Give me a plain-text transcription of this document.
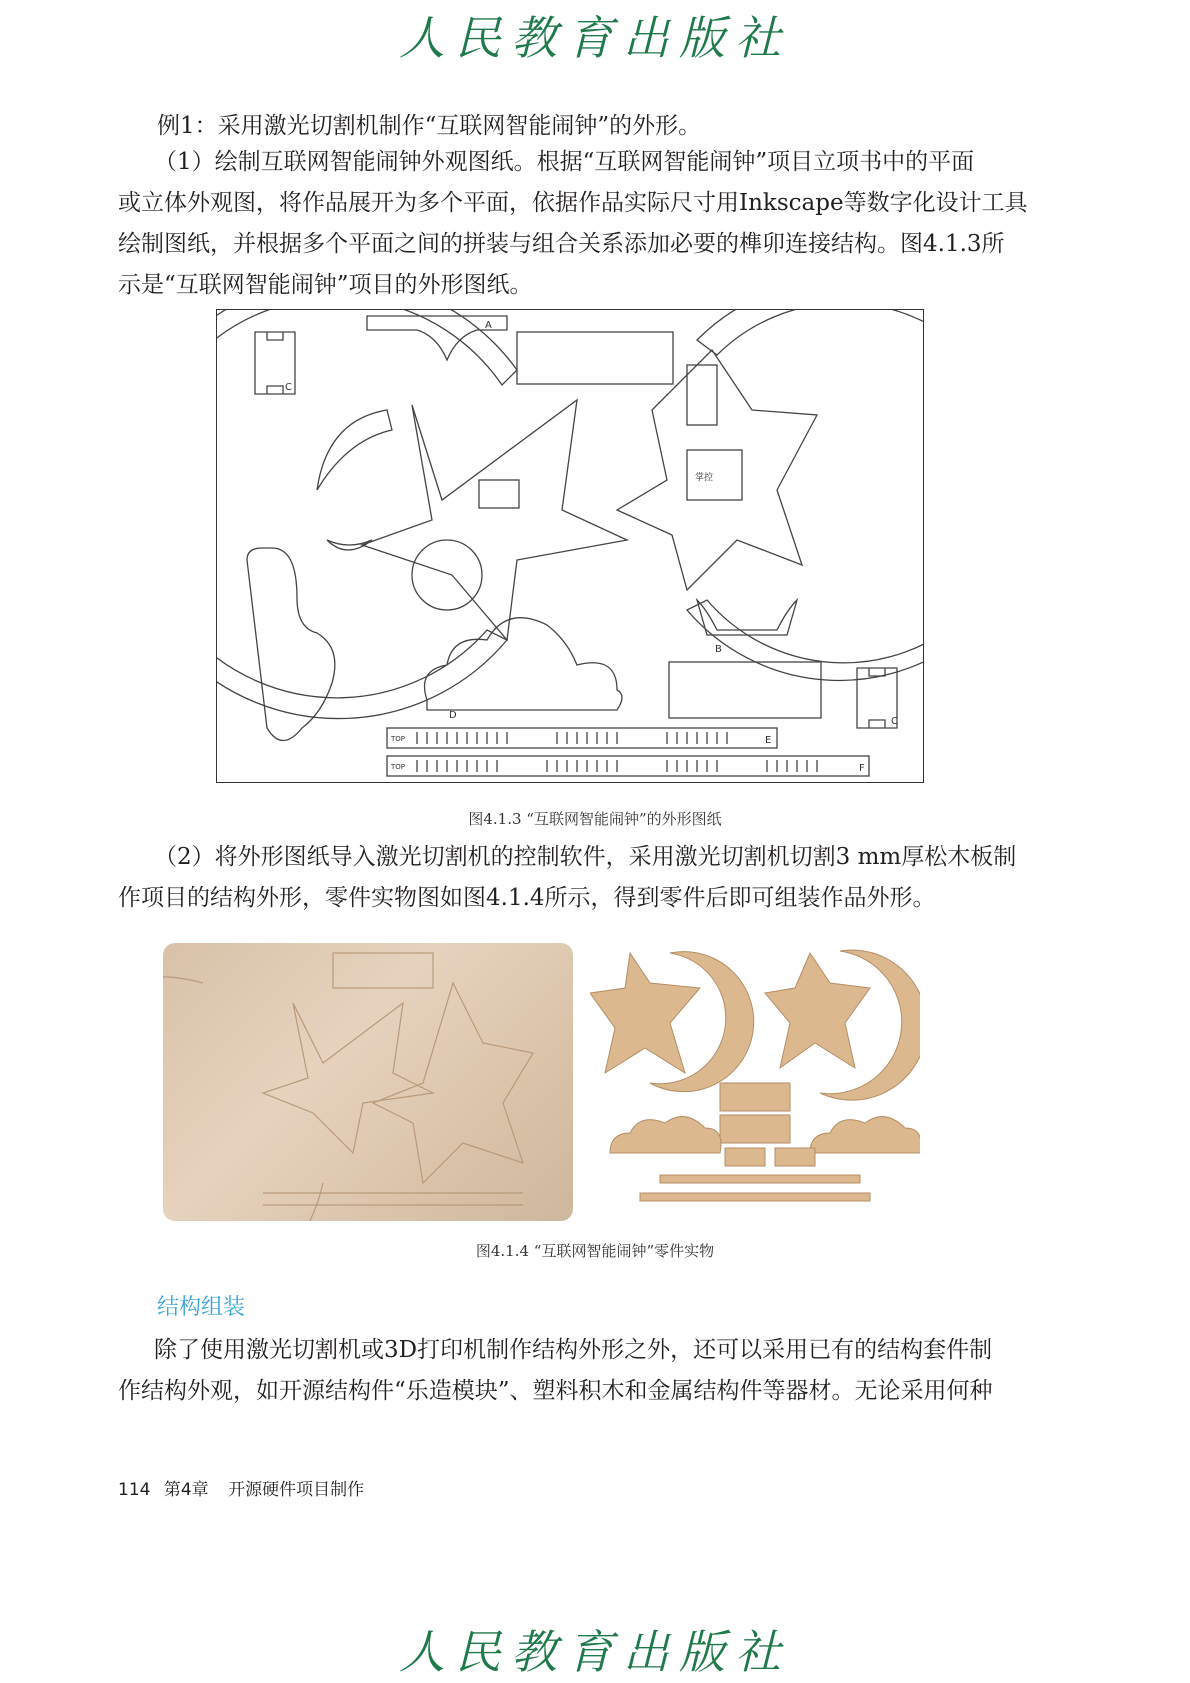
人民教育出版社
例1：采用激光切割机制作“互联网智能闹钟”的外形。
（1）绘制互联网智能闹钟外观图纸。根据“互联网智能闹钟”项目立项书中的平面
或立体外观图，将作品展开为多个平面，依据作品实际尺寸用Inkscape等数字化设计工具
绘制图纸，并根据多个平面之间的拼装与组合关系添加必要的榫卯连接结构。图4.1.3所
示是“互联网智能闹钟”项目的外形图纸。
C
A
掌控
B
D
C
TOP	E
TOP	F
图4.1.3 “互联网智能闹钟”的外形图纸
（2）将外形图纸导入激光切割机的控制软件，采用激光切割机切割3 mm厚松木板制
作项目的结构外形，零件实物图如图4.1.4所示，得到零件后即可组装作品外形。
图4.1.4 “互联网智能闹钟”零件实物
结构组装
除了使用激光切割机或3D打印机制作结构外形之外，还可以采用已有的结构套件制
作结构外观，如开源结构件“乐造模块”、塑料积木和金属结构件等器材。无论采用何种
114 第4章 开源硬件项目制作
人民教育出版社
